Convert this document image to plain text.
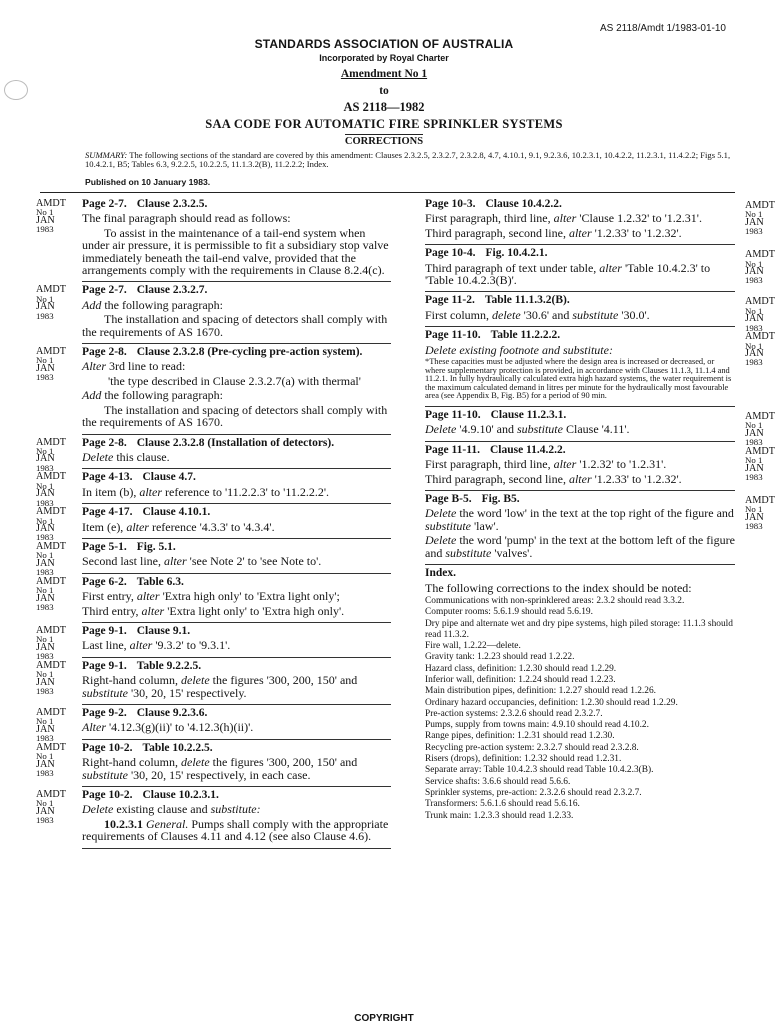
AS 2118/Amdt 1/1983-01-10
STANDARDS ASSOCIATION OF AUSTRALIA
Incorporated by Royal Charter
Amendment No 1
to
AS 2118—1982
SAA CODE FOR AUTOMATIC FIRE SPRINKLER SYSTEMS
CORRECTIONS
SUMMARY: The following sections of the standard are covered by this amendment: Clauses 2.3.2.5, 2.3.2.7, 2.3.2.8, 4.7, 4.10.1, 9.1, 9.2.3.6, 10.2.3.1, 10.4.2.2, 11.2.3.1, 11.4.2.2; Figs 5.1, 10.4.2.1, B5; Tables 6.3, 9.2.2.5, 10.2.2.5, 11.1.3.2(B), 11.2.2.2; Index.
Published on 10 January 1983.
AMDT
No 1
JAN
1983
Page 2-7. Clause 2.3.2.5.
The final paragraph should read as follows:
To assist in the maintenance of a tail-end system when under air pressure, it is permissible to fit a subsidiary stop valve immediately beneath the tail-end valve, provided that the arrangements comply with the requirements in Clause 8.2.4(c).
AMDT
No 1
JAN
1983
Page 2-7. Clause 2.3.2.7.
Add the following paragraph:
The installation and spacing of detectors shall comply with the requirements of AS 1670.
AMDT
No 1
JAN
1983
Page 2-8. Clause 2.3.2.8 (Pre-cycling pre-action system).
Alter 3rd line to read:
'the type described in Clause 2.3.2.7(a) with thermal'
Add the following paragraph:
The installation and spacing of detectors shall comply with the requirements of AS 1670.
AMDT
No 1
JAN
1983
Page 2-8. Clause 2.3.2.8 (Installation of detectors).
Delete this clause.
AMDT
No 1
JAN
1983
Page 4-13. Clause 4.7.
In item (b), alter reference to '11.2.2.3' to '11.2.2.2'.
AMDT
No 1
JAN
1983
Page 4-17. Clause 4.10.1.
Item (e), alter reference '4.3.3' to '4.3.4'.
AMDT
No 1
JAN
1983
Page 5-1. Fig. 5.1.
Second last line, alter 'see Note 2' to 'see Note to'.
AMDT
No 1
JAN
1983
Page 6-2. Table 6.3.
First entry, alter 'Extra high only' to 'Extra light only';
Third entry, alter 'Extra light only' to 'Extra high only'.
AMDT
No 1
JAN
1983
Page 9-1. Clause 9.1.
Last line, alter '9.3.2' to '9.3.1'.
AMDT
No 1
JAN
1983
Page 9-1. Table 9.2.2.5.
Right-hand column, delete the figures '300, 200, 150' and substitute '30, 20, 15' respectively.
AMDT
No 1
JAN
1983
Page 9-2. Clause 9.2.3.6.
Alter '4.12.3(g)(ii)' to '4.12.3(h)(ii)'.
AMDT
No 1
JAN
1983
Page 10-2. Table 10.2.2.5.
Right-hand column, delete the figures '300, 200, 150' and substitute '30, 20, 15' respectively, in each case.
AMDT
No 1
JAN
1983
Page 10-2. Clause 10.2.3.1.
Delete existing clause and substitute:
10.2.3.1 General. Pumps shall comply with the appropriate requirements of Clauses 4.11 and 4.12 (see also Clause 4.6).
AMDT
No 1
JAN
1983
Page 10-3. Clause 10.4.2.2.
First paragraph, third line, alter 'Clause 1.2.32' to '1.2.31'.
Third paragraph, second line, alter '1.2.33' to '1.2.32'.
AMDT
No 1
JAN
1983
Page 10-4. Fig. 10.4.2.1.
Third paragraph of text under table, alter 'Table 10.4.2.3' to 'Table 10.4.2.3(B)'.
AMDT
No 1
JAN
1983
Page 11-2. Table 11.1.3.2(B).
First column, delete '30.6' and substitute '30.0'.
AMDT
No 1
JAN
1983
Page 11-10. Table 11.2.2.2.
Delete existing footnote and substitute:
*These capacities must be adjusted where the design area is increased or decreased, or where supplementary protection is provided, in accordance with Clauses 11.1.3, 11.1.4 and 11.2.1. In fully hydraulically calculated extra high hazard systems, the water requirement is the maximum calculated demand in litres per minute for the hydraulically most favourable area (see Appendix B, Fig. B5) for a period of 90 min.
AMDT
No 1
JAN
1983
Page 11-10. Clause 11.2.3.1.
Delete '4.9.10' and substitute Clause '4.11'.
AMDT
No 1
JAN
1983
Page 11-11. Clause 11.4.2.2.
First paragraph, third line, alter '1.2.32' to '1.2.31'.
Third paragraph, second line, alter '1.2.33' to '1.2.32'.
AMDT
No 1
JAN
1983
Page B-5. Fig. B5.
Delete the word 'low' in the text at the top right of the figure and substitute 'law'.
Delete the word 'pump' in the text at the bottom left of the figure and substitute 'valves'.
Index.
The following corrections to the index should be noted:
Communications with non-sprinklered areas: 2.3.2 should read 3.3.2.
Computer rooms: 5.6.1.9 should read 5.6.19.
Dry pipe and alternate wet and dry pipe systems, high piled storage: 11.1.3 should read 11.3.2.
Fire wall, 1.2.22—delete.
Gravity tank: 1.2.23 should read 1.2.22.
Hazard class, definition: 1.2.30 should read 1.2.29.
Inferior wall, definition: 1.2.24 should read 1.2.23.
Main distribution pipes, definition: 1.2.27 should read 1.2.26.
Ordinary hazard occupancies, definition: 1.2.30 should read 1.2.29.
Pre-action systems: 2.3.2.6 should read 2.3.2.7.
Pumps, supply from towns main: 4.9.10 should read 4.10.2.
Range pipes, definition: 1.2.31 should read 1.2.30.
Recycling pre-action system: 2.3.2.7 should read 2.3.2.8.
Risers (drops), definition: 1.2.32 should read 1.2.31.
Separate array: Table 10.4.2.3 should read Table 10.4.2.3(B).
Service shafts: 3.6.6 should read 5.6.6.
Sprinkler systems, pre-action: 2.3.2.6 should read 2.3.2.7.
Transformers: 5.6.1.6 should read 5.6.16.
Trunk main: 1.2.3.3 should read 1.2.33.
COPYRIGHT
